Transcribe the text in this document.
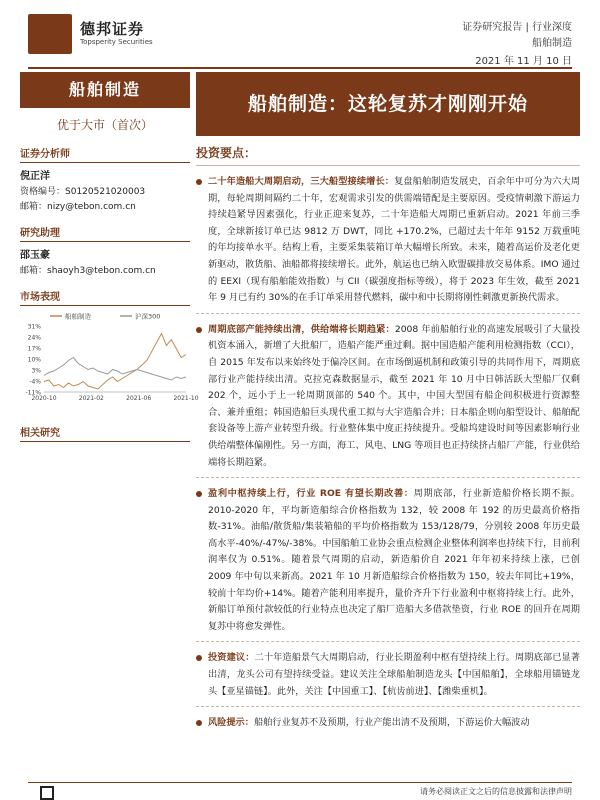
德邦证券
Topsperity Securities
证券研究报告 | 行业深度
船舶制造
2021 年 11 月 10 日
船舶制造
优于大市（首次）
证券分析师
倪正洋
资格编号：S0120521020003
邮箱：nizy@tebon.com.cn
研究助理
邵玉豪
邮箱：shaoyh3@tebon.com.cn
市场表现
31%
24%
17%
10%
3%
-4%
-11%
2020-10	2021-02	2021-06	2021-10
船舶制造	沪深300
相关研究
船舶制造：这轮复苏才刚刚开始
投资要点：
二十年造船大周期启动，三大船型接续增长：复盘船舶制造发展史，百余年中可分为六大周期，每轮周期间隔约二十年，宏观需求引发的供需端错配是主要原因。受疫情刺激下游运力持续趋紧导因素强化，行业正迎来复苏，二十年造船大周期已重新启动。2021 年前三季度，全球新接订单已达 9812 万 DWT，同比 +170.2%，已超过去十年年 9152 万载重吨的年均接单水平。结构上看，主要采集装箱订单大幅增长所致。未来，随着高运价及老化更新驱动，散货船、油船都将接续增长。此外，航运也已纳入欧盟碳排放交易体系。IMO 通过的 EEXI（现有船舶能效指数）与 CII（碳强度指标等级），将于 2023 年生效，截至 2021 年 9 月已有约 30%的在手订单采用替代燃料，碳中和中长期将刚性刺激更新换代需求。
周期底部产能持续出清，供给端将长期趋紧：2008 年前船舶行业的高速发展吸引了大量投机资本涌入，新增了大批船厂，造船产能严重过剩。据中国造船产能利用检测指数（CCI），自 2015 年发布以来始终处于偏冷区间。在市场倒逼机制和政策引导的共同作用下，周期底部行业产能持续出清。克拉克森数据显示，截至 2021 年 10 月中日韩活跃大型船厂仅剩 202 个，远小于上一轮周期顶部的 540 个。其中，中国大型国有船企间积极进行资源整合、兼并重组；韩国造船巨头现代重工拟与大宇造船合并；日本船企则向船型设计、船舶配套设备等上游产业转型升级。行业整体集中度正持续提升。受船坞建设时间等因素影响行业供给端整体偏刚性。另一方面，海工、风电、LNG 等项目也正持续挤占船厂产能，行业供给端将长期趋紧。
盈利中枢持续上行，行业 ROE 有望长期改善：周期底部，行业新造船价格长期不振。2010-2020 年，平均新造船综合价格指数为 132，较 2008 年 192 的历史最高价格指数-31%。油船/散货船/集装箱船的平均价格指数为 153/128/79，分别较 2008 年历史最高水平-40%/-47%/-38%。中国船舶工业协会重点检测企业整体利润率也持续下行，目前利润率仅为 0.51%。随着景气周期的启动，新造船价自 2021 年年初来持续上涨，已创 2009 年中旬以来新高。2021 年 10 月新造船综合价格指数为 150，较去年同比+19%，较前十年均价+14%。随着产能利用率提升，量价齐升下行业盈利中枢将持续上行。此外，新船订单预付款较低的行业特点也决定了船厂造船大多借款垫资，行业 ROE 的回升在周期复苏中将愈发弹性。
投资建议：二十年造船景气大周期启动，行业长期盈利中枢有望持续上行。周期底部已显著出清，龙头公司有望持续受益。建议关注全球船舶制造龙头【中国船舶】，全球船用锚链龙头【亚星锚链】。此外，关注【中国重工】、【杭齿前进】、【潍柴重机】。
风险提示：船舶行业复苏不及预期，行业产能出清不及预期，下游运价大幅波动
请务必阅读正文之后的信息披露和法律声明
